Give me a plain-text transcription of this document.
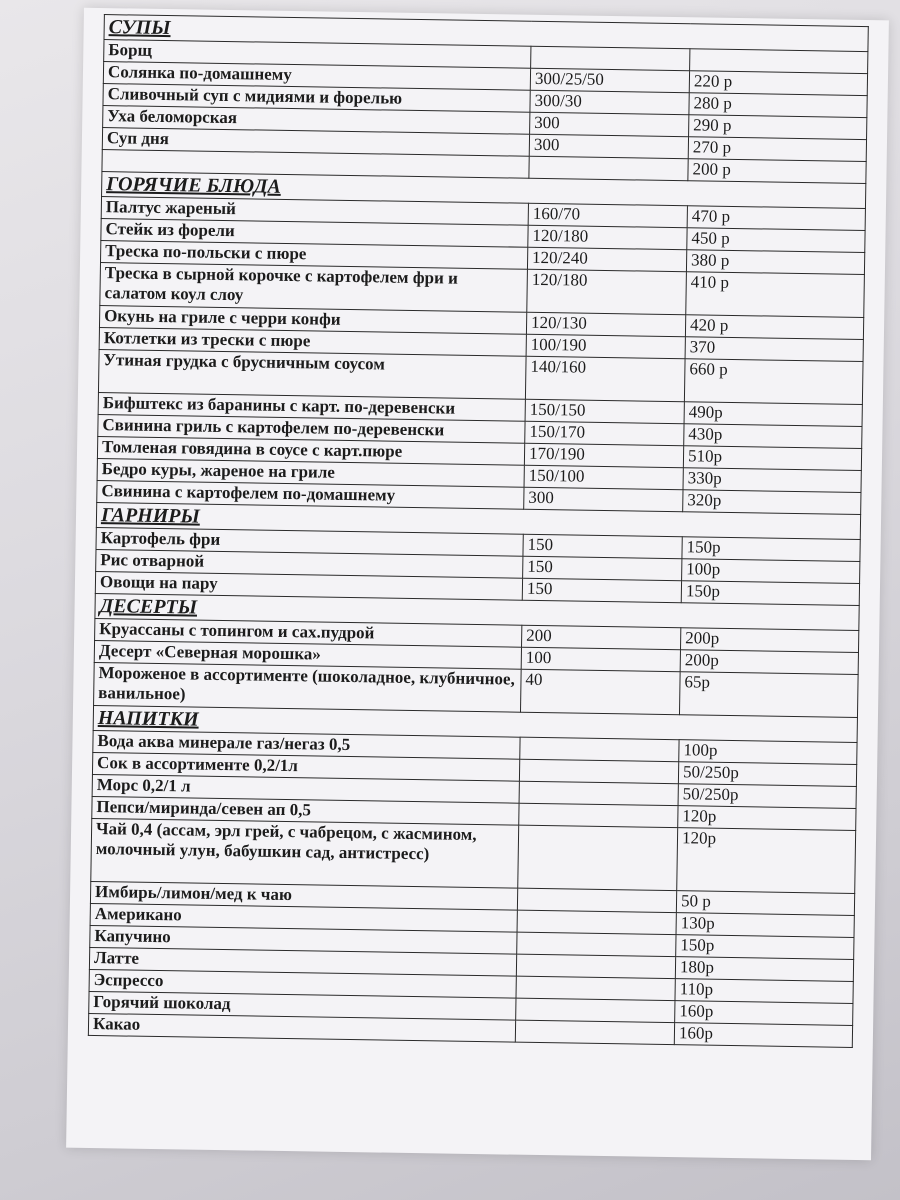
СУПЫ		
Борщ		
Солянка по-домашнему	300/25/50	220 р
Сливочный суп с мидиями и форелью	300/30	280 р
Уха беломорская	300	290 р
Суп дня	300	270 р
		200 р
ГОРЯЧИЕ БЛЮДА		
Палтус жареный	160/70	470 р
Стейк из форели	120/180	450 р
Треска по-польски с пюре	120/240	380 р
Треска в сырной корочке с картофелем фри и салатом коул слоу	120/180	410 р
Окунь на гриле с черри конфи	120/130	420 р
Котлетки из трески с пюре	100/190	370
Утиная грудка с брусничным соусом	140/160	660 р
Бифштекс из баранины с карт. по-деревенски	150/150	490р
Свинина гриль с картофелем по-деревенски	150/170	430р
Томленая говядина в соусе с карт.пюре	170/190	510р
Бедро куры, жареное на гриле	150/100	330р
Свинина с картофелем по-домашнему	300	320р
ГАРНИРЫ		
Картофель фри	150	150р
Рис отварной	150	100р
Овощи на пару	150	150р
ДЕСЕРТЫ		
Круассаны с топингом и сах.пудрой	200	200р
Десерт «Северная морошка»	100	200р
Мороженое в ассортименте (шоколадное, клубничное, ванильное)	40	65р
НАПИТКИ		
Вода аква минерале газ/негаз 0,5		100р
Сок в ассортименте 0,2/1л		50/250р
Морс 0,2/1 л		50/250р
Пепси/миринда/севен ап 0,5		120р
Чай 0,4 (ассам, эрл грей, с чабрецом, с жасмином, молочный улун, бабушкин сад, антистресс)		120р
Имбирь/лимон/мед к чаю		50 р
Американо		130р
Капучино		150р
Латте		180р
Эспрессо		110р
Горячий шоколад		160р
Какао		160р
